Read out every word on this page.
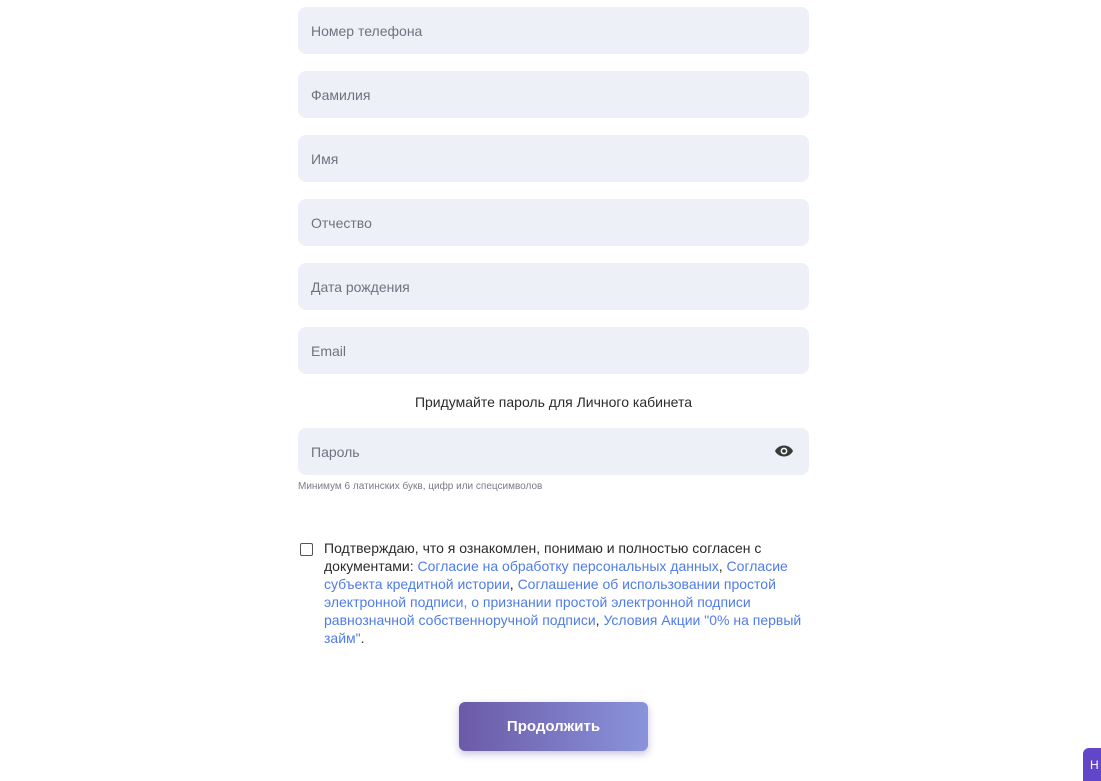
Номер телефона
Фамилия
Имя
Отчество
Дата рождения
Email
Придумайте пароль для Личного кабинета
Минимум 6 латинских букв, цифр или спецсимволов
Подтверждаю, что я ознакомлен, понимаю и полностью согласен с документами: Согласие на обработку персональных данных, Согласие субъекта кредитной истории, Соглашение об использовании простой электронной подписи, о признании простой электронной подписи равнозначной собственноручной подписи, Условия Акции "0% на первый займ".
Продолжить
Н
